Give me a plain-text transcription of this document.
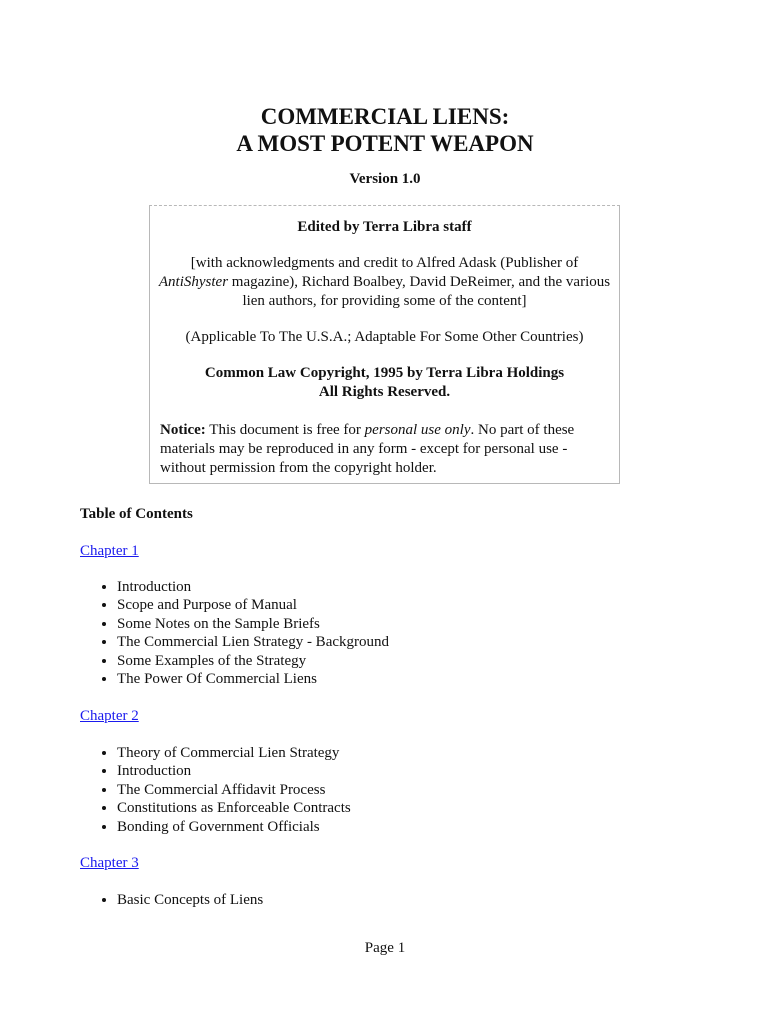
COMMERCIAL LIENS:
A MOST POTENT WEAPON
Version 1.0
Edited by Terra Libra staff
[with acknowledgments and credit to Alfred Adask (Publisher of AntiShyster magazine), Richard Boalbey, David DeReimer, and the various lien authors, for providing some of the content]
(Applicable To The U.S.A.; Adaptable For Some Other Countries)
Common Law Copyright, 1995 by Terra Libra Holdings
All Rights Reserved.
Notice: This document is free for personal use only. No part of these materials may be reproduced in any form - except for personal use - without permission from the copyright holder.
Table of Contents
Chapter 1
• Introduction
• Scope and Purpose of Manual
• Some Notes on the Sample Briefs
• The Commercial Lien Strategy - Background
• Some Examples of the Strategy
• The Power Of Commercial Liens
Chapter 2
• Theory of Commercial Lien Strategy
• Introduction
• The Commercial Affidavit Process
• Constitutions as Enforceable Contracts
• Bonding of Government Officials
Chapter 3
• Basic Concepts of Liens
Page 1
